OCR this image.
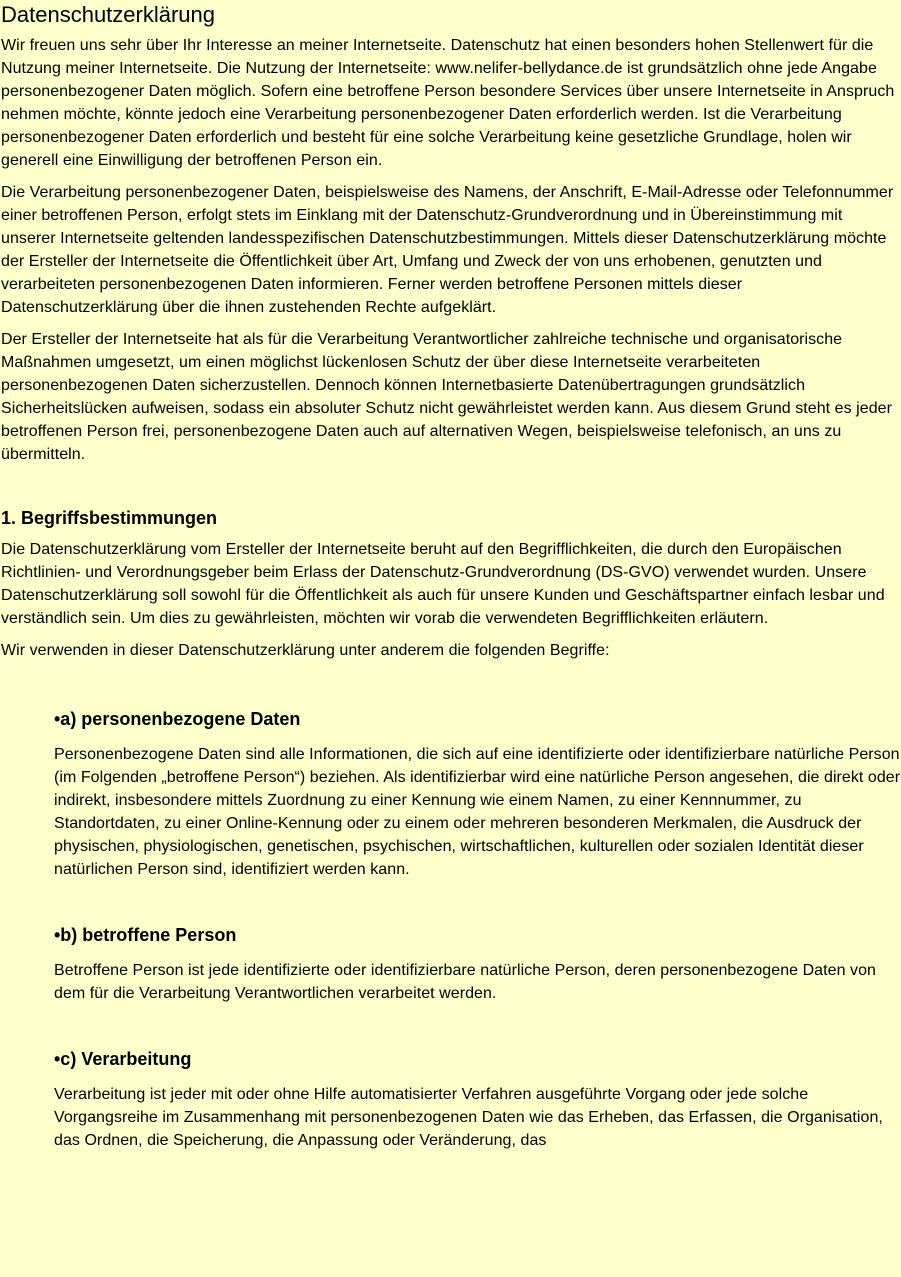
Datenschutzerklärung

Wir freuen uns sehr über Ihr Interesse an meiner Internetseite. Datenschutz hat einen besonders hohen Stellenwert für die Nutzung meiner Internetseite. Die Nutzung der Internetseite: www.nelifer-bellydance.de ist grundsätzlich ohne jede Angabe personenbezogener Daten möglich. Sofern eine betroffene Person besondere Services über unsere Internetseite in Anspruch nehmen möchte, könnte jedoch eine Verarbeitung personenbezogener Daten erforderlich werden. Ist die Verarbeitung personenbezogener Daten erforderlich und besteht für eine solche Verarbeitung keine gesetzliche Grundlage, holen wir generell eine Einwilligung der betroffenen Person ein.

Die Verarbeitung personenbezogener Daten, beispielsweise des Namens, der Anschrift, E-Mail-Adresse oder Telefonnummer einer betroffenen Person, erfolgt stets im Einklang mit der Datenschutz-Grundverordnung und in Übereinstimmung mit unserer Internetseite geltenden landesspezifischen Datenschutzbestimmungen. Mittels dieser Datenschutzerklärung möchte der Ersteller der Internetseite die Öffentlichkeit über Art, Umfang und Zweck der von uns erhobenen, genutzten und verarbeiteten personenbezogenen Daten informieren. Ferner werden betroffene Personen mittels dieser Datenschutzerklärung über die ihnen zustehenden Rechte aufgeklärt.

Der Ersteller der Internetseite hat als für die Verarbeitung Verantwortlicher zahlreiche technische und organisatorische Maßnahmen umgesetzt, um einen möglichst lückenlosen Schutz der über diese Internetseite verarbeiteten personenbezogenen Daten sicherzustellen. Dennoch können Internetbasierte Datenübertragungen grundsätzlich Sicherheitslücken aufweisen, sodass ein absoluter Schutz nicht gewährleistet werden kann. Aus diesem Grund steht es jeder betroffenen Person frei, personenbezogene Daten auch auf alternativen Wegen, beispielsweise telefonisch, an uns zu übermitteln.

1. Begriffsbestimmungen

Die Datenschutzerklärung vom Ersteller der Internetseite beruht auf den Begrifflichkeiten, die durch den Europäischen Richtlinien- und Verordnungsgeber beim Erlass der Datenschutz-Grundverordnung (DS-GVO) verwendet wurden. Unsere Datenschutzerklärung soll sowohl für die Öffentlichkeit als auch für unsere Kunden und Geschäftspartner einfach lesbar und verständlich sein. Um dies zu gewährleisten, möchten wir vorab die verwendeten Begrifflichkeiten erläutern.

Wir verwenden in dieser Datenschutzerklärung unter anderem die folgenden Begriffe:

•a) personenbezogene Daten

Personenbezogene Daten sind alle Informationen, die sich auf eine identifizierte oder identifizierbare natürliche Person (im Folgenden „betroffene Person“) beziehen. Als identifizierbar wird eine natürliche Person angesehen, die direkt oder indirekt, insbesondere mittels Zuordnung zu einer Kennung wie einem Namen, zu einer Kennnummer, zu Standortdaten, zu einer Online-Kennung oder zu einem oder mehreren besonderen Merkmalen, die Ausdruck der physischen, physiologischen, genetischen, psychischen, wirtschaftlichen, kulturellen oder sozialen Identität dieser natürlichen Person sind, identifiziert werden kann.

•b) betroffene Person

Betroffene Person ist jede identifizierte oder identifizierbare natürliche Person, deren personenbezogene Daten von dem für die Verarbeitung Verantwortlichen verarbeitet werden.

•c) Verarbeitung

Verarbeitung ist jeder mit oder ohne Hilfe automatisierter Verfahren ausgeführte Vorgang oder jede solche Vorgangsreihe im Zusammenhang mit personenbezogenen Daten wie das Erheben, das Erfassen, die Organisation, das Ordnen, die Speicherung, die Anpassung oder Veränderung, das
